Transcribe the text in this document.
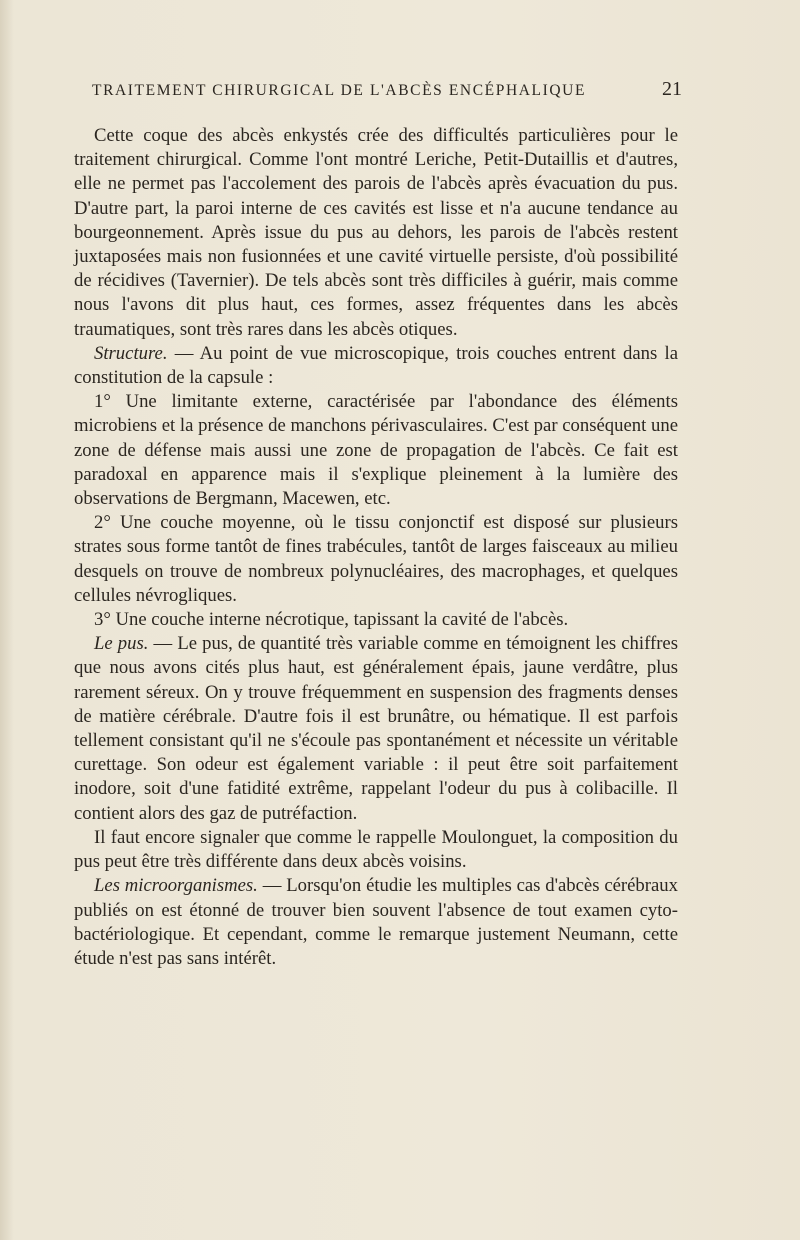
TRAITEMENT CHIRURGICAL DE L'ABCÈS ENCÉPHALIQUE	21

Cette coque des abcès enkystés crée des difficultés particulières pour le traitement chirurgical. Comme l'ont montré Leriche, Petit-Dutaillis et d'autres, elle ne permet pas l'accolement des parois de l'abcès après évacuation du pus. D'autre part, la paroi interne de ces cavités est lisse et n'a aucune tendance au bourgeonnement. Après issue du pus au dehors, les parois de l'abcès restent juxtaposées mais non fusionnées et une cavité virtuelle persiste, d'où possibilité de récidives (Tavernier). De tels abcès sont très difficiles à guérir, mais comme nous l'avons dit plus haut, ces formes, assez fréquentes dans les abcès traumatiques, sont très rares dans les abcès otiques.

Structure. — Au point de vue microscopique, trois couches entrent dans la constitution de la capsule :

1° Une limitante externe, caractérisée par l'abondance des éléments microbiens et la présence de manchons périvasculaires. C'est par conséquent une zone de défense mais aussi une zone de propagation de l'abcès. Ce fait est paradoxal en apparence mais il s'explique pleinement à la lumière des observations de Bergmann, Macewen, etc.

2° Une couche moyenne, où le tissu conjonctif est disposé sur plusieurs strates sous forme tantôt de fines trabécules, tantôt de larges faisceaux au milieu desquels on trouve de nombreux polynucléaires, des macrophages, et quelques cellules névrogliques.

3° Une couche interne nécrotique, tapissant la cavité de l'abcès.

Le pus. — Le pus, de quantité très variable comme en témoignent les chiffres que nous avons cités plus haut, est généralement épais, jaune verdâtre, plus rarement séreux. On y trouve fréquemment en suspension des fragments denses de matière cérébrale. D'autre fois il est brunâtre, ou hématique. Il est parfois tellement consistant qu'il ne s'écoule pas spontanément et nécessite un véritable curettage. Son odeur est également variable : il peut être soit parfaitement inodore, soit d'une fatidité extrême, rappelant l'odeur du pus à colibacille. Il contient alors des gaz de putréfaction.

Il faut encore signaler que comme le rappelle Moulonguet, la composition du pus peut être très différente dans deux abcès voisins.

Les microorganismes. — Lorsqu'on étudie les multiples cas d'abcès cérébraux publiés on est étonné de trouver bien souvent l'absence de tout examen cyto-bactériologique. Et cependant, comme le remarque justement Neumann, cette étude n'est pas sans intérêt.
